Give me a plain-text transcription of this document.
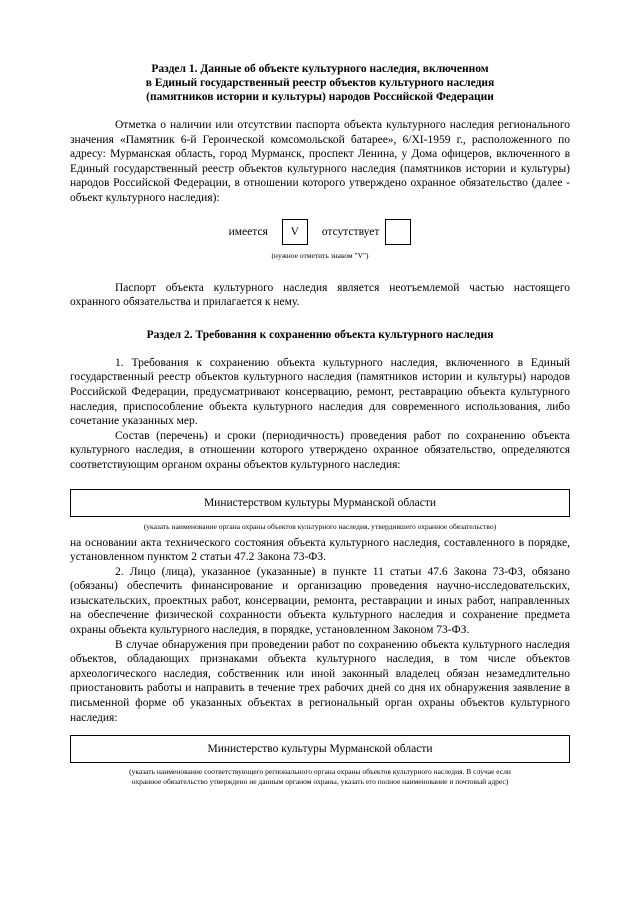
Раздел 1. Данные об объекте культурного наследия, включенном
в Единый государственный реестр объектов культурного наследия
(памятников истории и культуры) народов Российской Федерации

Отметка о наличии или отсутствии паспорта объекта культурного наследия регионального значения «Памятник 6-й Героической комсомольской батарее», 6/XI-1959 г., расположенного по адресу: Мурманская область, город Мурманск, проспект Ленина, у Дома офицеров, включенного в Единый государственный реестр объектов культурного наследия (памятников истории и культуры) народов Российской Федерации, в отношении которого утверждено охранное обязательство (далее - объект культурного наследия):

имеется	V	отсутствует
(нужное отметить знаком "V")

Паспорт объекта культурного наследия является неотъемлемой частью настоящего охранного обязательства и прилагается к нему.

Раздел 2. Требования к сохранению объекта культурного наследия

1. Требования к сохранению объекта культурного наследия, включенного в Единый государственный реестр объектов культурного наследия (памятников истории и культуры) народов Российской Федерации, предусматривают консервацию, ремонт, реставрацию объекта культурного наследия, приспособление объекта культурного наследия для современного использования, либо сочетание указанных мер.

Состав (перечень) и сроки (периодичность) проведения работ по сохранению объекта культурного наследия, в отношении которого утверждено охранное обязательство, определяются соответствующим органом охраны объектов культурного наследия:

Министерством культуры Мурманской области
(указать наименование органа охраны объектов культурного наследия, утвердившего охранное обязательство)

на основании акта технического состояния объекта культурного наследия, составленного в порядке, установленном пунктом 2 статьи 47.2 Закона 73-ФЗ.

2. Лицо (лица), указанное (указанные) в пункте 11 статьи 47.6 Закона 73-ФЗ, обязано (обязаны) обеспечить финансирование и организацию проведения научно-исследовательских, изыскательских, проектных работ, консервации, ремонта, реставрации и иных работ, направленных на обеспечение физической сохранности объекта культурного наследия и сохранение предмета охраны объекта культурного наследия, в порядке, установленном Законом 73-ФЗ.

В случае обнаружения при проведении работ по сохранению объекта культурного наследия объектов, обладающих признаками объекта культурного наследия, в том числе объектов археологического наследия, собственник или иной законный владелец обязан незамедлительно приостановить работы и направить в течение трех рабочих дней со дня их обнаружения заявление в письменной форме об указанных объектах в региональный орган охраны объектов культурного наследия:

Министерство культуры Мурманской области
(указать наименование соответствующего регионального органа охраны объектов культурного наследия. В случае если
охранное обязательство утверждено не данным органом охраны, указать его полное наименование и почтовый адрес)
